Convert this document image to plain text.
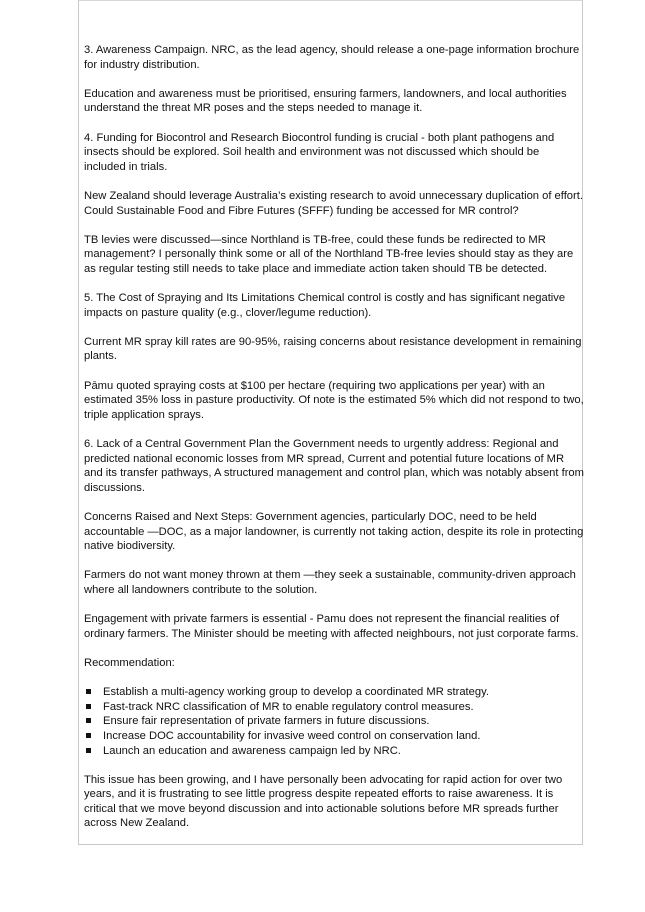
3. Awareness Campaign. NRC, as the lead agency, should release a one-page information brochure for industry distribution.

Education and awareness must be prioritised, ensuring farmers, landowners, and local authorities understand the threat MR poses and the steps needed to manage it.

4. Funding for Biocontrol and Research Biocontrol funding is crucial - both plant pathogens and insects should be explored. Soil health and environment was not discussed which should be included in trials.

New Zealand should leverage Australia’s existing research to avoid unnecessary duplication of effort. Could Sustainable Food and Fibre Futures (SFFF) funding be accessed for MR control?

TB levies were discussed—since Northland is TB-free, could these funds be redirected to MR management? I personally think some or all of the Northland TB-free levies should stay as they are as regular testing still needs to take place and immediate action taken should TB be detected.

5. The Cost of Spraying and Its Limitations Chemical control is costly and has significant negative impacts on pasture quality (e.g., clover/legume reduction).

Current MR spray kill rates are 90-95%, raising concerns about resistance development in remaining plants.

Pāmu quoted spraying costs at $100 per hectare (requiring two applications per year) with an estimated 35% loss in pasture productivity. Of note is the estimated 5% which did not respond to two, triple application sprays.

6. Lack of a Central Government Plan the Government needs to urgently address: Regional and predicted national economic losses from MR spread, Current and potential future locations of MR and its transfer pathways, A structured management and control plan, which was notably absent from discussions.

Concerns Raised and Next Steps: Government agencies, particularly DOC, need to be held accountable —DOC, as a major landowner, is currently not taking action, despite its role in protecting native biodiversity.

Farmers do not want money thrown at them —they seek a sustainable, community-driven approach where all landowners contribute to the solution.

Engagement with private farmers is essential - Pamu does not represent the financial realities of ordinary farmers. The Minister should be meeting with affected neighbours, not just corporate farms.

Recommendation:

Establish a multi-agency working group to develop a coordinated MR strategy.
Fast-track NRC classification of MR to enable regulatory control measures.
Ensure fair representation of private farmers in future discussions.
Increase DOC accountability for invasive weed control on conservation land.
Launch an education and awareness campaign led by NRC.

This issue has been growing, and I have personally been advocating for rapid action for over two years, and it is frustrating to see little progress despite repeated efforts to raise awareness. It is critical that we move beyond discussion and into actionable solutions before MR spreads further across New Zealand.
